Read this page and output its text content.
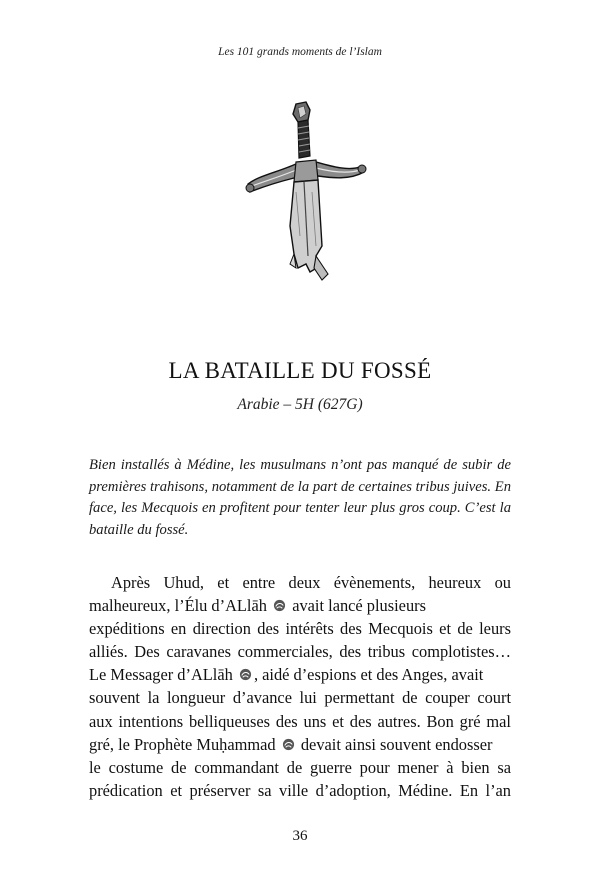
Les 101 grands moments de l’Islam
LA BATAILLE DU FOSSÉ
Arabie – 5H (627G)

Bien installés à Médine, les musulmans n’ont pas manqué de subir de premières trahisons, notamment de la part de certaines tribus juives. En face, les Mecquois en profitent pour tenter leur plus gros coup. C’est la bataille du fossé.

Après Uhud, et entre deux évènements, heureux ou
malheureux, l’Élu d’ALlāh avait lancé plusieurs
expéditions en direction des intérêts des Mecquois et de leurs
alliés. Des caravanes commerciales, des tribus complotistes…
Le Messager d’ALlāh , aidé d’espions et des Anges, avait
souvent la longueur d’avance lui permettant de couper court
aux intentions belliqueuses des uns et des autres. Bon gré mal
gré, le Prophète Muḥammad devait ainsi souvent endosser
le costume de commandant de guerre pour mener à bien sa
prédication et préserver sa ville d’adoption, Médine. En l’an
36
